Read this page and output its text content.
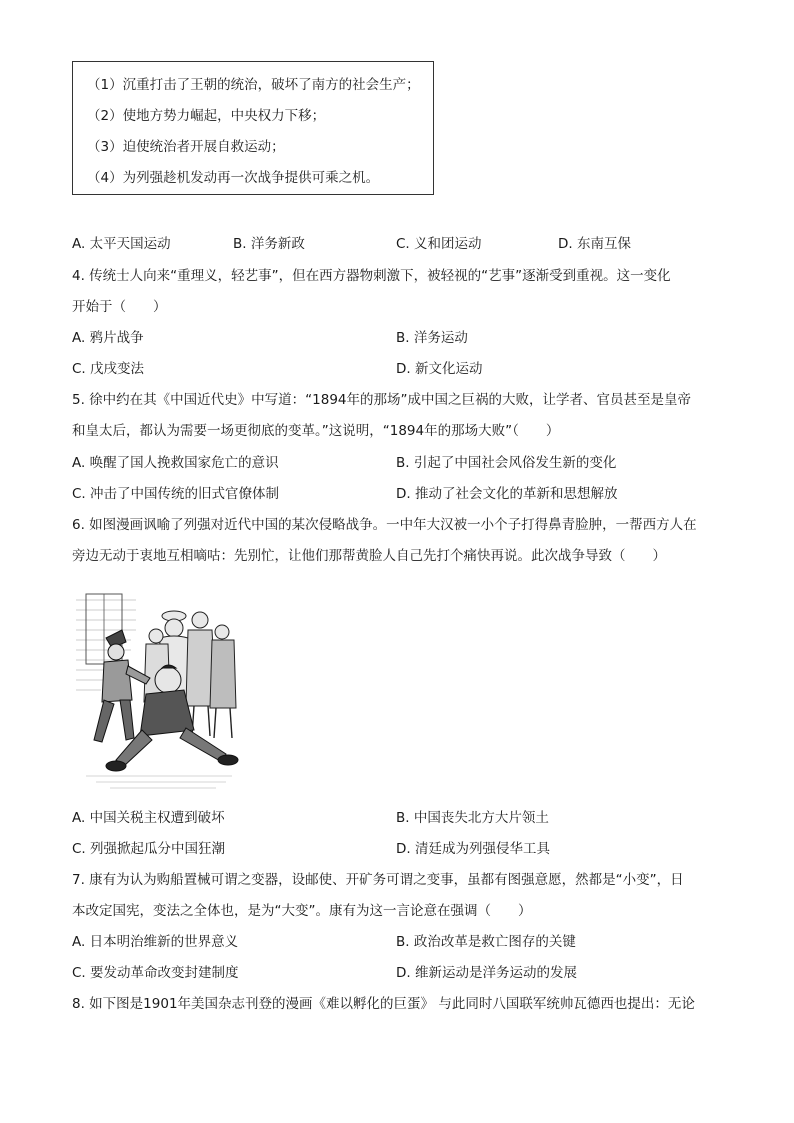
（1）沉重打击了王朝的统治，破坏了南方的社会生产；
（2）使地方势力崛起，中央权力下移；
（3）迫使统治者开展自救运动；
（4）为列强趁机发动再一次战争提供可乘之机。
A. 太平天国运动	B. 洋务新政	C. 义和团运动	D. 东南互保
4. 传统士人向来“重理义，轻艺事”，但在西方器物刺激下，被轻视的“艺事”逐渐受到重视。这一变化
开始于（　　）
A. 鸦片战争	B. 洋务运动
C. 戊戌变法	D. 新文化运动
5. 徐中约在其《中国近代史》中写道：“1894年的那场”成中国之巨祸的大败，让学者、官员甚至是皇帝
和皇太后，都认为需要一场更彻底的变革。”这说明，“1894年的那场大败”（　　）
A. 唤醒了国人挽救国家危亡的意识	B. 引起了中国社会风俗发生新的变化
C. 冲击了中国传统的旧式官僚体制	D. 推动了社会文化的革新和思想解放
6. 如图漫画讽喻了列强对近代中国的某次侵略战争。一中年大汉被一小个子打得鼻青脸肿，一帮西方人在
旁边无动于衷地互相嘀咕：先别忙，让他们那帮黄脸人自己先打个痛快再说。此次战争导致（　　）
A. 中国关税主权遭到破坏	B. 中国丧失北方大片领土
C. 列强掀起瓜分中国狂潮	D. 清廷成为列强侵华工具
7. 康有为认为购船置械可谓之变器，设邮使、开矿务可谓之变事，虽都有图强意愿，然都是“小变”，日
本改定国宪，变法之全体也，是为“大变”。康有为这一言论意在强调（　　）
A. 日本明治维新的世界意义	B. 政治改革是救亡图存的关键
C. 要发动革命改变封建制度	D. 维新运动是洋务运动的发展
8. 如下图是1901年美国杂志刊登的漫画《难以孵化的巨蛋》 与此同时八国联军统帅瓦德西也提出：无论
